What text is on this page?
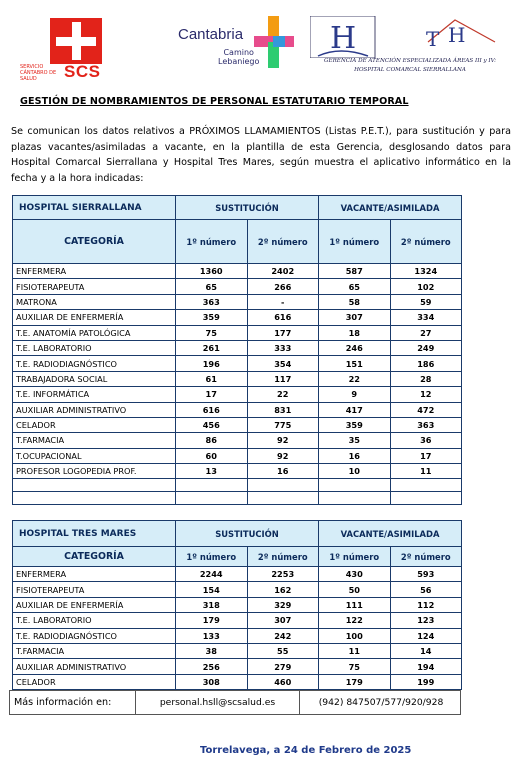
SERVICIO CÁNTABRO DE SALUD	SCS
Cantabria
Camino
Lebaniego
H	H
T
GERENCIA DE ATENCIÓN ESPECIALIZADA ÁREAS III y IV:
HOSPITAL COMARCAL SIERRALLANA
GESTIÓN DE NOMBRAMIENTOS DE PERSONAL ESTATUTARIO TEMPORAL
Se comunican los datos relativos a PRÓXIMOS LLAMAMIENTOS (Listas P.E.T.), para sustitución y para plazas vacantes/asimiladas a vacante, en la plantilla de esta Gerencia, desglosando datos para Hospital Comarcal Sierrallana y Hospital Tres Mares, según muestra el aplicativo informático en la fecha y a la hora indicadas:
HOSPITAL SIERRALLANA	SUSTITUCIÓN		VACANTE/ASIMILADA	
CATEGORÍA	1º número	2º número	1º número	2º número
ENFERMERA	1360	2402	587	1324
FISIOTERAPEUTA	65	266	65	102
MATRONA	363	-	58	59
AUXILIAR DE ENFERMERÍA	359	616	307	334
T.E. ANATOMÍA PATOLÓGICA	75	177	18	27
T.E. LABORATORIO	261	333	246	249
T.E. RADIODIAGNÓSTICO	196	354	151	186
TRABAJADORA SOCIAL	61	117	22	28
T.E. INFORMÁTICA	17	22	9	12
AUXILIAR ADMINISTRATIVO	616	831	417	472
CELADOR	456	775	359	363
T.FARMACIA	86	92	35	36
T.OCUPACIONAL	60	92	16	17
PROFESOR LOGOPEDIA PROF.	13	16	10	11

HOSPITAL TRES MARES	SUSTITUCIÓN		VACANTE/ASIMILADA	
CATEGORÍA	1º número	2º número	1º número	2º número
ENFERMERA	2244	2253	430	593
FISIOTERAPEUTA	154	162	50	56
AUXILIAR DE ENFERMERÍA	318	329	111	112
T.E. LABORATORIO	179	307	122	123
T.E. RADIODIAGNÓSTICO	133	242	100	124
T.FARMACIA	38	55	11	14
AUXILIAR ADMINISTRATIVO	256	279	75	194
CELADOR	308	460	179	199
Más información en:	personal.hsll@scsalud.es	(942) 847507/577/920/928
Torrelavega, a 24 de Febrero de 2025
